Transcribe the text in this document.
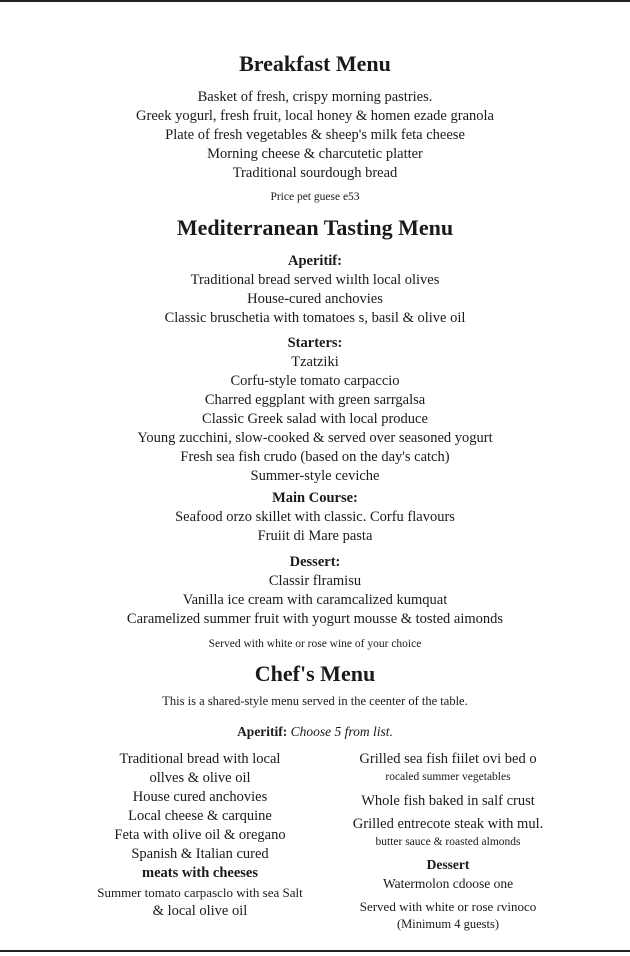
Breakfast Menu

Basket of fresh, crispy morning pastries.

Greek yogurl, fresh fruit, local honey & homen ezade granola

Plate of fresh vegetables & sheep's milk feta cheese

Morning cheese & charcutetic platter

Traditional sourdough bread

Price pet guese e53

Mediterranean Tasting Menu

Aperitif:

Traditional bread served wiılth local olives

House-cured anchovies

Classic bruschetia with tomatoes s, basil & olive oil

Starters:

Tzatziki

Corfu-style tomato carpaccio

Charred eggplant with green sarrgalsa

Classic Greek salad with local produce

Young zucchini, slow-cooked & served over seasoned yogurt

Fresh sea fish crudo (based on the day's catch)

Summer-style ceviche

Main Course:

Seafood orzo skillet with classic. Corfu flavours

Fruiit di Mare pasta

Dessert:

Classir flramisu

Vanilla ice cream with caramcalized kumquat

Caramelized summer fruit with yogurt mousse & tosted aimonds

Served with white or rose wine of your choice

Chef's Menu

This is a shared-style menu served in the ceenter of the table.

Aperitif: Choose 5 from list.

Traditional bread with local

ollves & olive oil

House cured anchovies

Local cheese & carquine

Feta with olive oil & oregano

Spanish & Italian cured

meats with cheeses

Summer tomato carpasclo with sea Salt

& local olive oil

Grilled sea fish fiilet ovi bed o

rocaled summer vegetables

Whole fish baked in salf crust

Grilled entrecote steak with mul.

butter sauce & roasted almonds

Dessert

Watermolon cdoose one

Served with white or rose ɾvinoco

(Minimum 4 guests)
